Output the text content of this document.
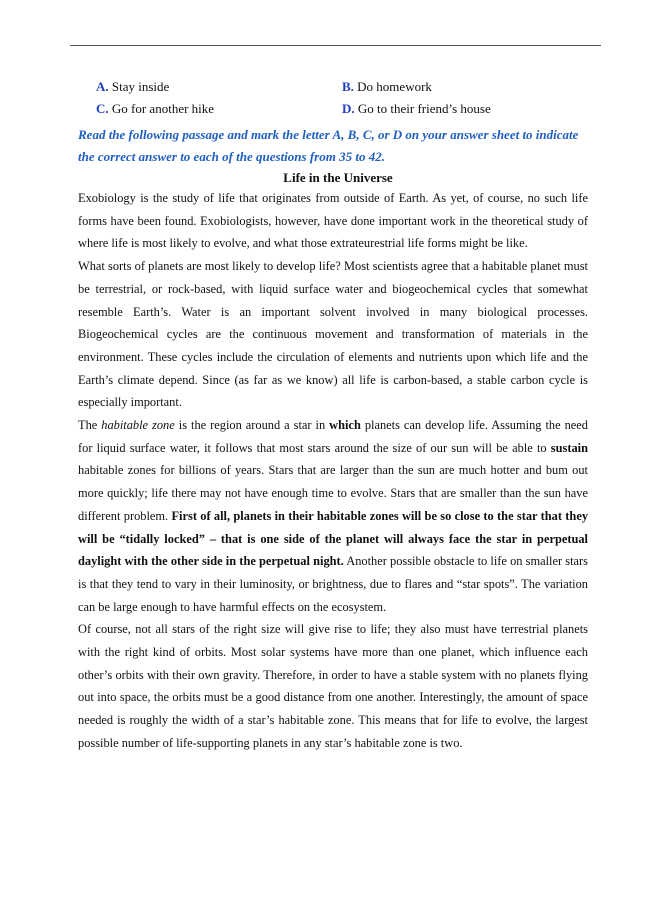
A. Stay inside	B. Do homework
C. Go for another hike	D. Go to their friend’s house
Read the following passage and mark the letter A, B, C, or D on your answer sheet to indicate the correct answer to each of the questions from 35 to 42.
Life in the Universe

Exobiology is the study of life that originates from outside of Earth. As yet, of course, no such life forms have been found. Exobiologists, however, have done important work in the theoretical study of where life is most likely to evolve, and what those extrateurestrial life forms might be like.

What sorts of planets are most likely to develop life? Most scientists agree that a habitable planet must be terrestrial, or rock-based, with liquid surface water and biogeochemical cycles that somewhat resemble Earth’s. Water is an important solvent involved in many biological processes. Biogeochemical cycles are the continuous movement and transformation of materials in the environment. These cycles include the circulation of elements and nutrients upon which life and the Earth’s climate depend. Since (as far as we know) all life is carbon-based, a stable carbon cycle is especially important.

The habitable zone is the region around a star in which planets can develop life. Assuming the need for liquid surface water, it follows that most stars around the size of our sun will be able to sustain habitable zones for billions of years. Stars that are larger than the sun are much hotter and bum out more quickly; life there may not have enough time to evolve. Stars that are smaller than the sun have different problem. First of all, planets in their habitable zones will be so close to the star that they will be “tidally locked” – that is one side of the planet will always face the star in perpetual daylight with the other side in the perpetual night. Another possible obstacle to life on smaller stars is that they tend to vary in their luminosity, or brightness, due to flares and “star spots”. The variation can be large enough to have harmful effects on the ecosystem.

Of course, not all stars of the right size will give rise to life; they also must have terrestrial planets with the right kind of orbits. Most solar systems have more than one planet, which influence each other’s orbits with their own gravity. Therefore, in order to have a stable system with no planets flying out into space, the orbits must be a good distance from one another. Interestingly, the amount of space needed is roughly the width of a star’s habitable zone. This means that for life to evolve, the largest possible number of life-supporting planets in any star’s habitable zone is two.
